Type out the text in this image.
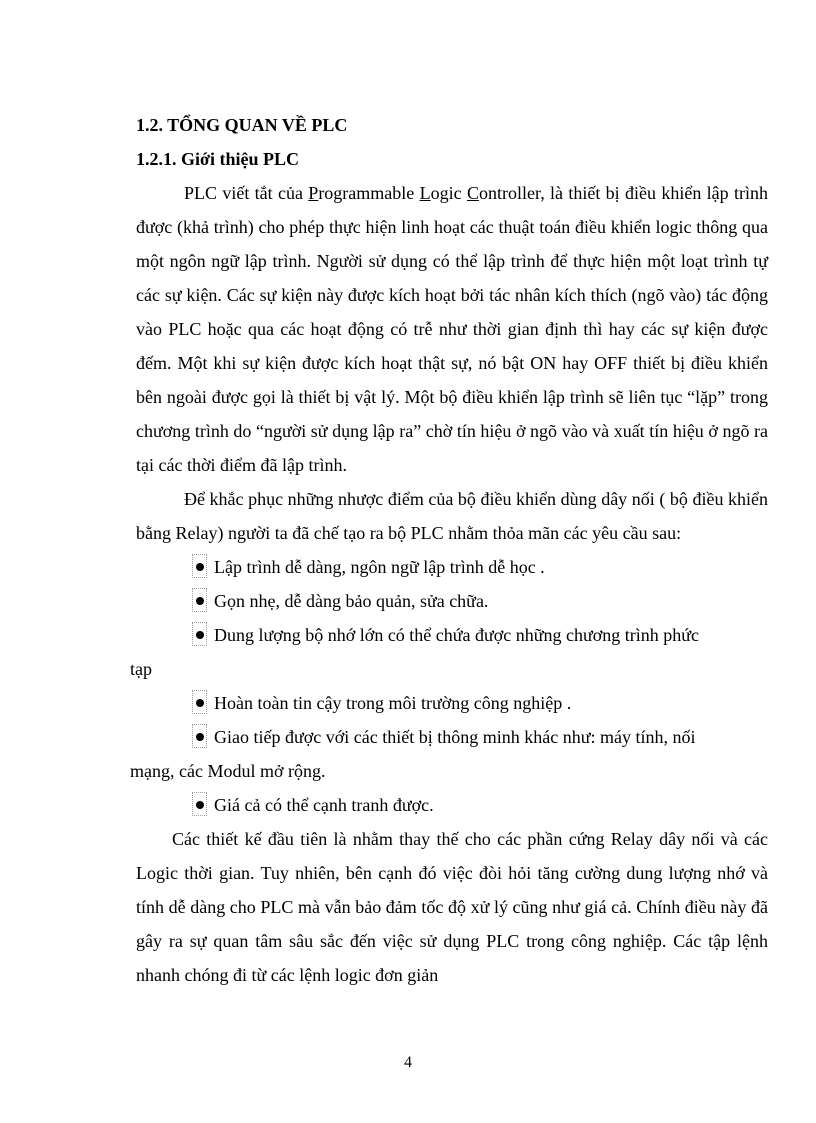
1.2. TỔNG QUAN VỀ PLC
1.2.1. Giới thiệu PLC

PLC viết tắt của Programmable Logic Controller, là thiết bị điều khiển lập trình được (khả trình) cho phép thực hiện linh hoạt các thuật toán điều khiển logic thông qua một ngôn ngữ lập trình. Người sử dụng có thể lập trình để thực hiện một loạt trình tự các sự kiện. Các sự kiện này được kích hoạt bởi tác nhân kích thích (ngõ vào) tác động vào PLC hoặc qua các hoạt động có trễ như thời gian định thì hay các sự kiện được đếm. Một khi sự kiện được kích hoạt thật sự, nó bật ON hay OFF thiết bị điều khiển bên ngoài được gọi là thiết bị vật lý. Một bộ điều khiển lập trình sẽ liên tục “lặp” trong chương trình do “người sử dụng lập ra” chờ tín hiệu ở ngõ vào và xuất tín hiệu ở ngõ ra tại các thời điểm đã lập trình.

Để khắc phục những nhược điểm của bộ điều khiển dùng dây nối ( bộ điều khiển bằng Relay) người ta đã chế tạo ra bộ PLC nhằm thỏa mãn các yêu cầu sau:

Lập trình dễ dàng, ngôn ngữ lập trình dễ học .
Gọn nhẹ, dễ dàng bảo quản, sửa chữa.
Dung lượng bộ nhớ lớn có thể chứa được những chương trình phức
tạp
Hoàn toàn tin cậy trong môi trường công nghiệp .
Giao tiếp được với các thiết bị thông minh khác như: máy tính, nối
mạng, các Modul mở rộng.
Giá cả có thể cạnh tranh được.

Các thiết kế đầu tiên là nhằm thay thế cho các phần cứng Relay dây nối và các Logic thời gian. Tuy nhiên, bên cạnh đó việc đòi hỏi tăng cường dung lượng nhớ và tính dễ dàng cho PLC mà vẫn bảo đảm tốc độ xử lý cũng như giá cả. Chính điều này đã gây ra sự quan tâm sâu sắc đến việc sử dụng PLC trong công nghiệp. Các tập lệnh nhanh chóng đi từ các lệnh logic đơn giản

4
